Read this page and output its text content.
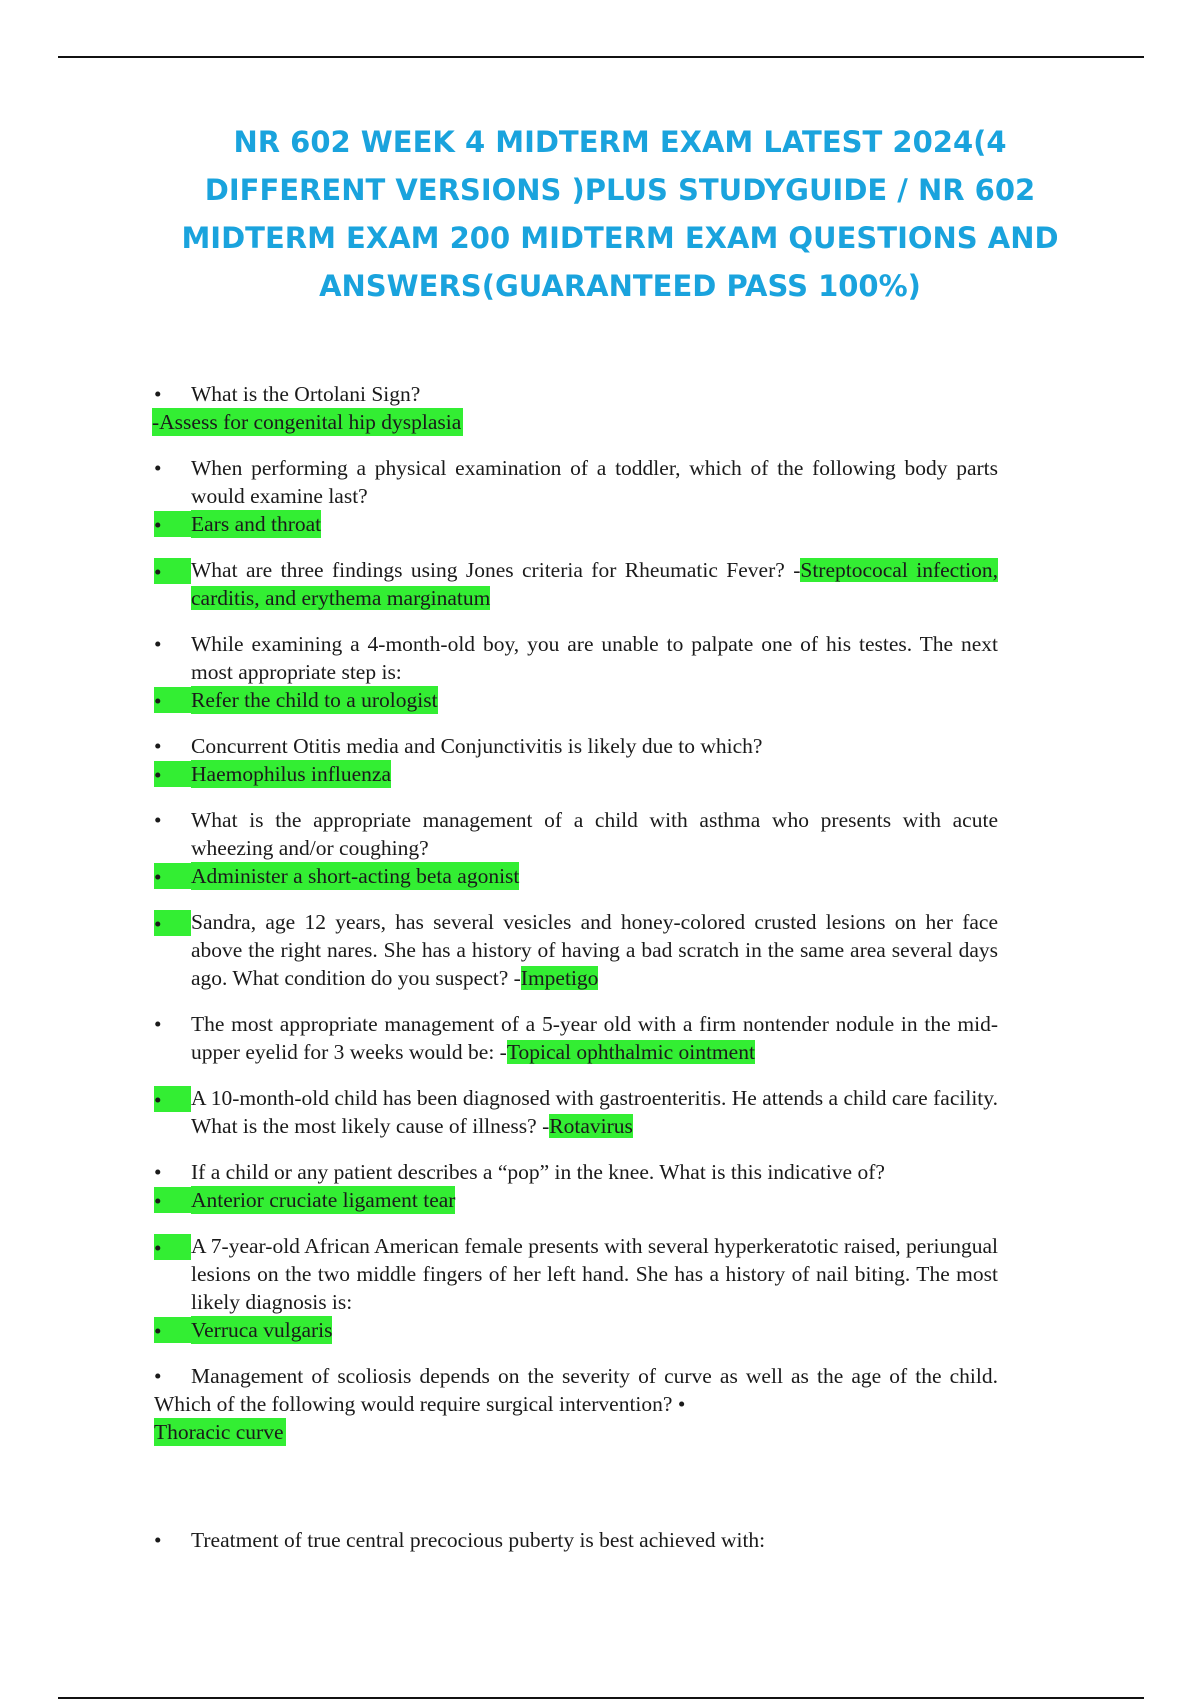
NR 602 WEEK 4 MIDTERM EXAM LATEST 2024(4 DIFFERENT VERSIONS )PLUS STUDYGUIDE / NR 602 MIDTERM EXAM 200 MIDTERM EXAM QUESTIONS AND ANSWERS(GUARANTEED PASS 100%)
•	What is the Ortolani Sign?
-Assess for congenital hip dysplasia
•	When performing a physical examination of a toddler, which of the following body parts would examine last?
•	Ears and throat
•	What are three findings using Jones criteria for Rheumatic Fever? -Streptococal infection, carditis, and erythema marginatum
•	While examining a 4-month-old boy, you are unable to palpate one of his testes. The next most appropriate step is:
•	Refer the child to a urologist
•	Concurrent Otitis media and Conjunctivitis is likely due to which?
•	Haemophilus influenza
•	What is the appropriate management of a child with asthma who presents with acute wheezing and/or coughing?
•	Administer a short-acting beta agonist
•	Sandra, age 12 years, has several vesicles and honey-colored crusted lesions on her face above the right nares. She has a history of having a bad scratch in the same area several days ago. What condition do you suspect? -Impetigo
•	The most appropriate management of a 5-year old with a firm nontender nodule in the mid- upper eyelid for 3 weeks would be: -Topical ophthalmic ointment
•	A 10-month-old child has been diagnosed with gastroenteritis. He attends a child care facility. What is the most likely cause of illness? -Rotavirus
•	If a child or any patient describes a “pop” in the knee. What is this indicative of?
•	Anterior cruciate ligament tear
•	A 7-year-old African American female presents with several hyperkeratotic raised, periungual lesions on the two middle fingers of her left hand. She has a history of nail biting. The most likely diagnosis is:
•	Verruca vulgaris
• Management of scoliosis depends on the severity of curve as well as the age of the child. Which of the following would require surgical intervention? •
Thoracic curve
•	Treatment of true central precocious puberty is best achieved with:
